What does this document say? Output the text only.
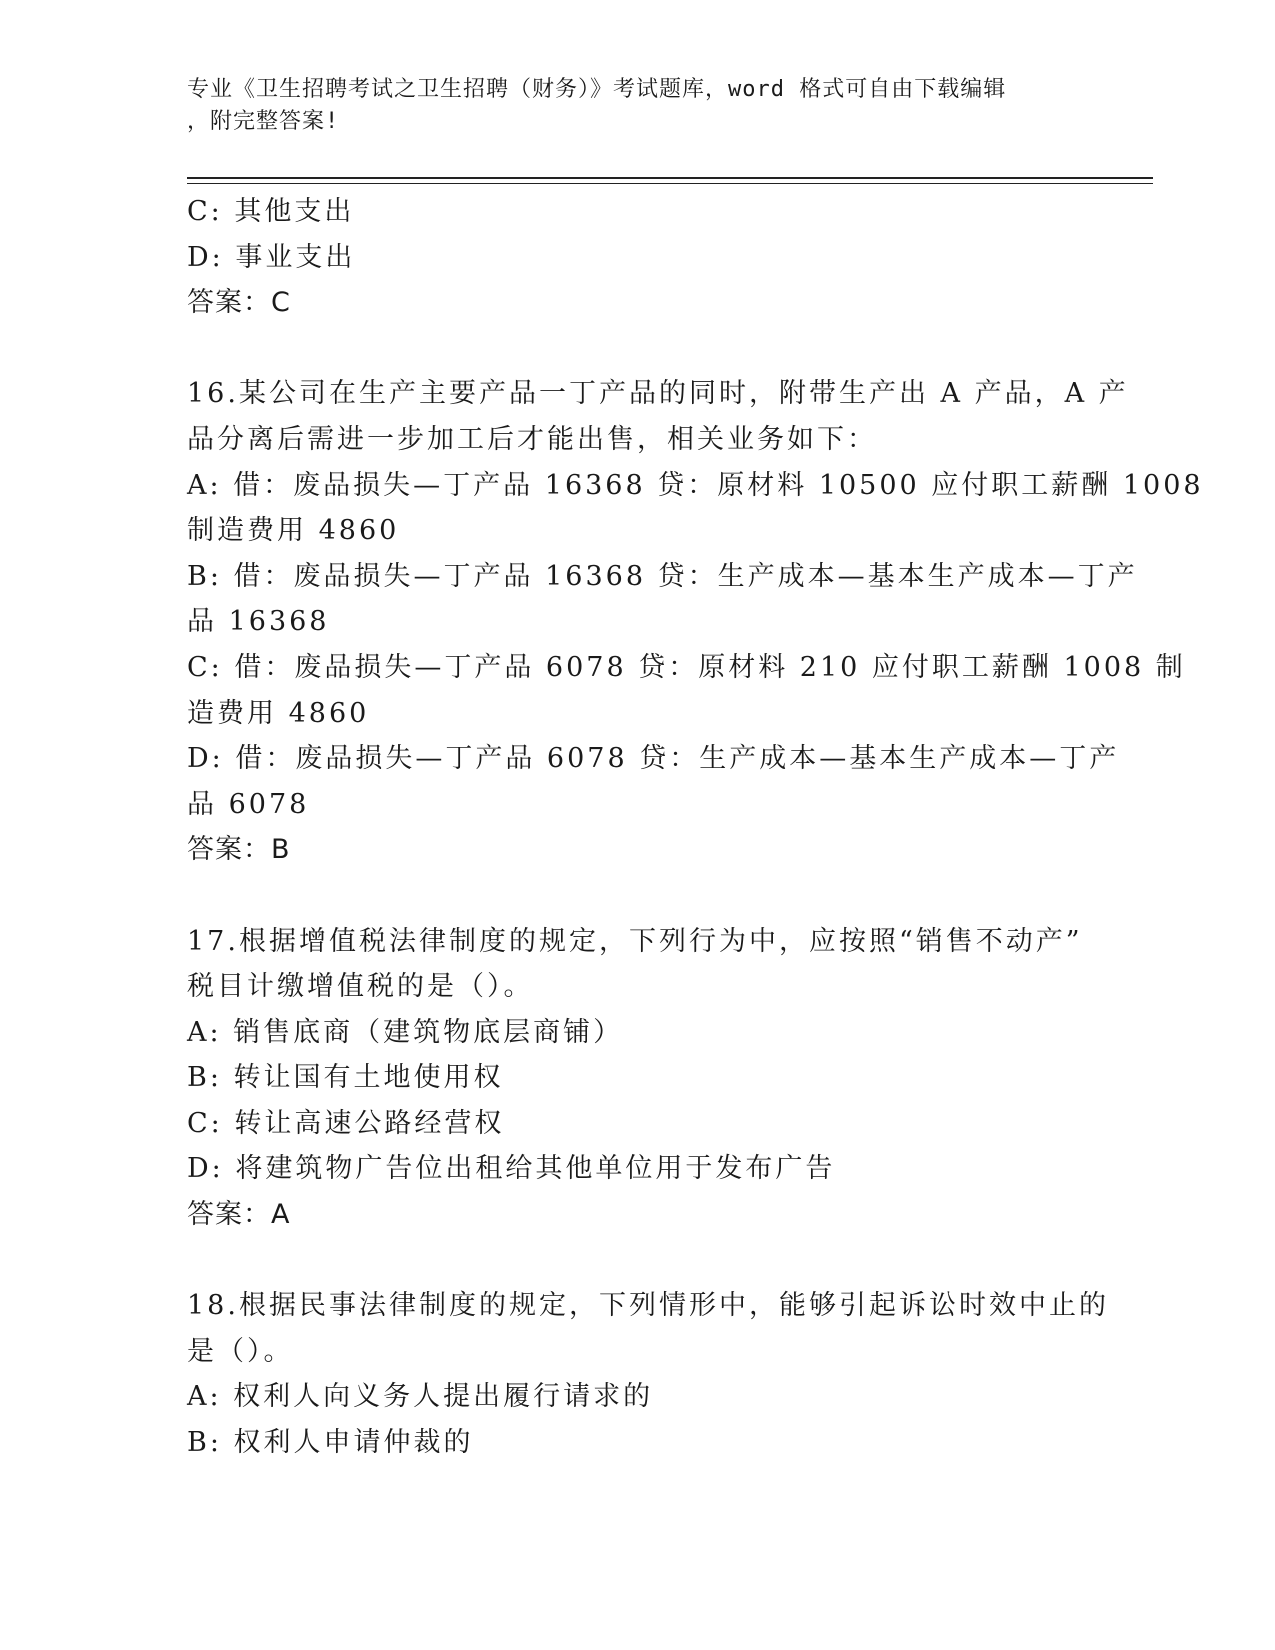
专业《卫生招聘考试之卫生招聘（财务）》考试题库，word 格式可自由下载编辑
，附完整答案!

C: 其他支出

D: 事业支出

答案：C

16.某公司在生产主要产品一丁产品的同时，附带生产出 A 产品，A 产

品分离后需进一步加工后才能出售，相关业务如下：

A: 借：废品损失—丁产品 16368 贷：原材料 10500 应付职工薪酬 1008

制造费用 4860

B: 借：废品损失—丁产品 16368 贷：生产成本—基本生产成本—丁产

品 16368

C: 借：废品损失—丁产品 6078 贷：原材料 210 应付职工薪酬 1008 制

造费用 4860

D: 借：废品损失—丁产品 6078 贷：生产成本—基本生产成本—丁产

品 6078

答案：B

17.根据增值税法律制度的规定，下列行为中，应按照“销售不动产”

税目计缴增值税的是（）。

A: 销售底商（建筑物底层商铺）

B: 转让国有土地使用权

C: 转让高速公路经营权

D: 将建筑物广告位出租给其他单位用于发布广告

答案：A

18.根据民事法律制度的规定，下列情形中，能够引起诉讼时效中止的

是（）。

A: 权利人向义务人提出履行请求的

B: 权利人申请仲裁的
